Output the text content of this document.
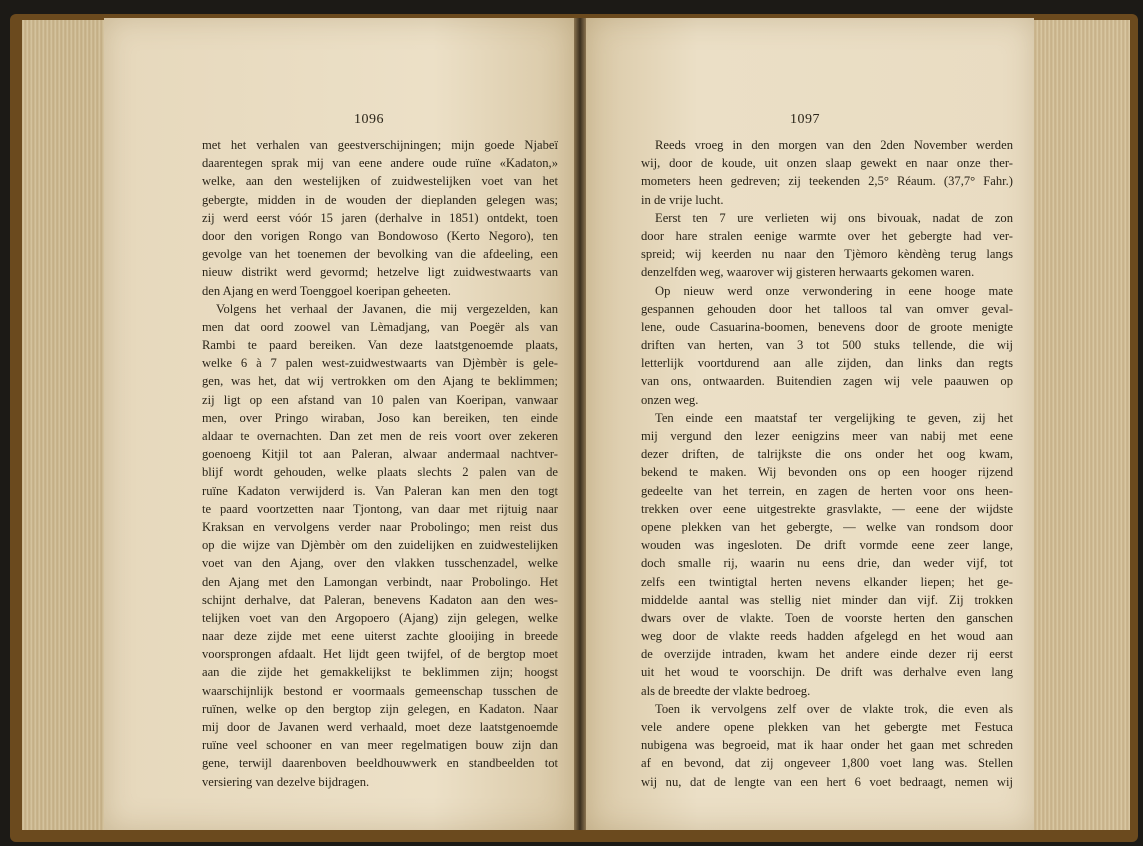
1096
met het verhalen van geestverschijningen; mijn goede Njabeï
daarentegen sprak mij van eene andere oude ruïne «Kadaton,»
welke, aan den westelijken of zuidwestelijken voet van het
gebergte, midden in de wouden der dieplanden gelegen was;
zij werd eerst vóór 15 jaren (derhalve in 1851) ontdekt, toen
door den vorigen Rongo van Bondowoso (Kerto Negoro), ten
gevolge van het toenemen der bevolking van die afdeeling, een
nieuw distrikt werd gevormd; hetzelve ligt zuidwestwaarts van
den Ajang en werd Toenggoel koeripan geheeten.
Volgens het verhaal der Javanen, die mij vergezelden, kan
men dat oord zoowel van Lèmadjang, van Poegër als van
Rambi te paard bereiken. Van deze laatstgenoemde plaats,
welke 6 à 7 palen west-zuidwestwaarts van Djèmbèr is gele-
gen, was het, dat wij vertrokken om den Ajang te beklimmen;
zij ligt op een afstand van 10 palen van Koeripan, vanwaar
men, over Pringo wiraban, Joso kan bereiken, ten einde
aldaar te overnachten. Dan zet men de reis voort over zekeren
goenoeng Kitjil tot aan Paleran, alwaar andermaal nachtver-
blijf wordt gehouden, welke plaats slechts 2 palen van de
ruïne Kadaton verwijderd is. Van Paleran kan men den togt
te paard voortzetten naar Tjontong, van daar met rijtuig naar
Kraksan en vervolgens verder naar Probolingo; men reist dus
op die wijze van Djèmbèr om den zuidelijken en zuidwestelijken
voet van den Ajang, over den vlakken tusschenzadel, welke
den Ajang met den Lamongan verbindt, naar Probolingo. Het
schijnt derhalve, dat Paleran, benevens Kadaton aan den wes-
telijken voet van den Argopoero (Ajang) zijn gelegen, welke
naar deze zijde met eene uiterst zachte glooijing in breede
voorsprongen afdaalt. Het lijdt geen twijfel, of de bergtop moet
aan die zijde het gemakkelijkst te beklimmen zijn; hoogst
waarschijnlijk bestond er voormaals gemeenschap tusschen de
ruïnen, welke op den bergtop zijn gelegen, en Kadaton. Naar
mij door de Javanen werd verhaald, moet deze laatstgenoemde
ruïne veel schooner en van meer regelmatigen bouw zijn dan
gene, terwijl daarenboven beeldhouwwerk en standbeelden tot
versiering van dezelve bijdragen.
1097
Reeds vroeg in den morgen van den 2den November werden
wij, door de koude, uit onzen slaap gewekt en naar onze ther-
mometers heen gedreven; zij teekenden 2,5° Réaum. (37,7° Fahr.)
in de vrije lucht.
Eerst ten 7 ure verlieten wij ons bivouak, nadat de zon
door hare stralen eenige warmte over het gebergte had ver-
spreid; wij keerden nu naar den Tjèmoro kèndèng terug langs
denzelfden weg, waarover wij gisteren herwaarts gekomen waren.
Op nieuw werd onze verwondering in eene hooge mate
gespannen gehouden door het talloos tal van omver geval-
lene, oude Casuarina-boomen, benevens door de groote menigte
driften van herten, van 3 tot 500 stuks tellende, die wij
letterlijk voortdurend aan alle zijden, dan links dan regts
van ons, ontwaarden. Buitendien zagen wij vele paauwen op
onzen weg.
Ten einde een maatstaf ter vergelijking te geven, zij het
mij vergund den lezer eenigzins meer van nabij met eene
dezer driften, de talrijkste die ons onder het oog kwam,
bekend te maken. Wij bevonden ons op een hooger rijzend
gedeelte van het terrein, en zagen de herten voor ons heen-
trekken over eene uitgestrekte grasvlakte, — eene der wijdste
opene plekken van het gebergte, — welke van rondsom door
wouden was ingesloten. De drift vormde eene zeer lange,
doch smalle rij, waarin nu eens drie, dan weder vijf, tot
zelfs een twintigtal herten nevens elkander liepen; het ge-
middelde aantal was stellig niet minder dan vijf. Zij trokken
dwars over de vlakte. Toen de voorste herten den ganschen
weg door de vlakte reeds hadden afgelegd en het woud aan
de overzijde intraden, kwam het andere einde dezer rij eerst
uit het woud te voorschijn. De drift was derhalve even lang
als de breedte der vlakte bedroeg.
Toen ik vervolgens zelf over de vlakte trok, die even als
vele andere opene plekken van het gebergte met Festuca
nubigena was begroeid, mat ik haar onder het gaan met schreden
af en bevond, dat zij ongeveer 1,800 voet lang was. Stellen
wij nu, dat de lengte van een hert 6 voet bedraagt, nemen wij
